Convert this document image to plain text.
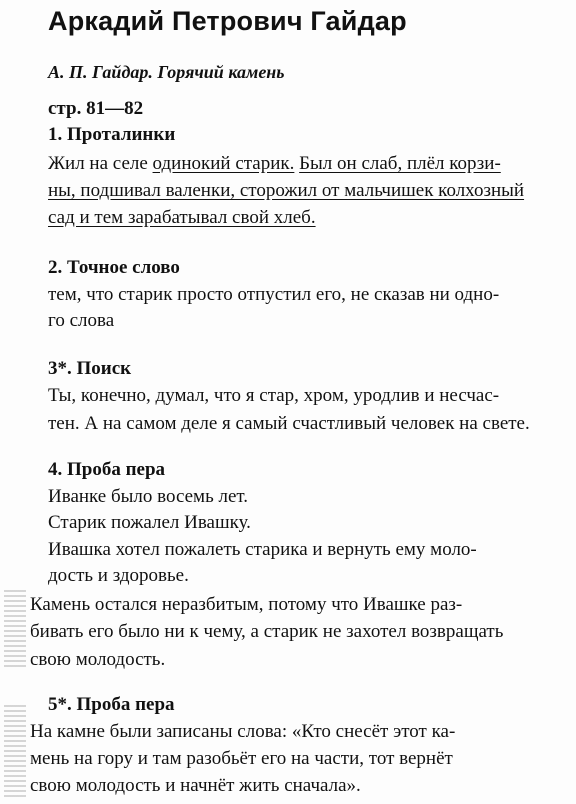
Аркадий Петрович Гайдар
А. П. Гайдар. Горячий камень
стр. 81—82
1. Проталинки
Жил на селе одинокий старик. Был он слаб, плёл корзи-
ны, подшивал валенки, сторожил от мальчишек колхозный
сад и тем зарабатывал свой хлеб.
2. Точное слово
тем, что старик просто отпустил его, не сказав ни одно-
го слова
3*. Поиск
Ты, конечно, думал, что я стар, хром, уродлив и несчас-
тен. А на самом деле я самый счастливый человек на свете.
4. Проба пера
Иванке было восемь лет.
Старик пожалел Ивашку.
Ивашка хотел пожалеть старика и вернуть ему моло-
дость и здоровье.
Камень остался неразбитым, потому что Ивашке раз-
бивать его было ни к чему, а старик не захотел возвращать
свою молодость.
5*. Проба пера
На камне были записаны слова: «Кто снесёт этот ка-
мень на гору и там разобьёт его на части, тот вернёт
свою молодость и начнёт жить сначала».
